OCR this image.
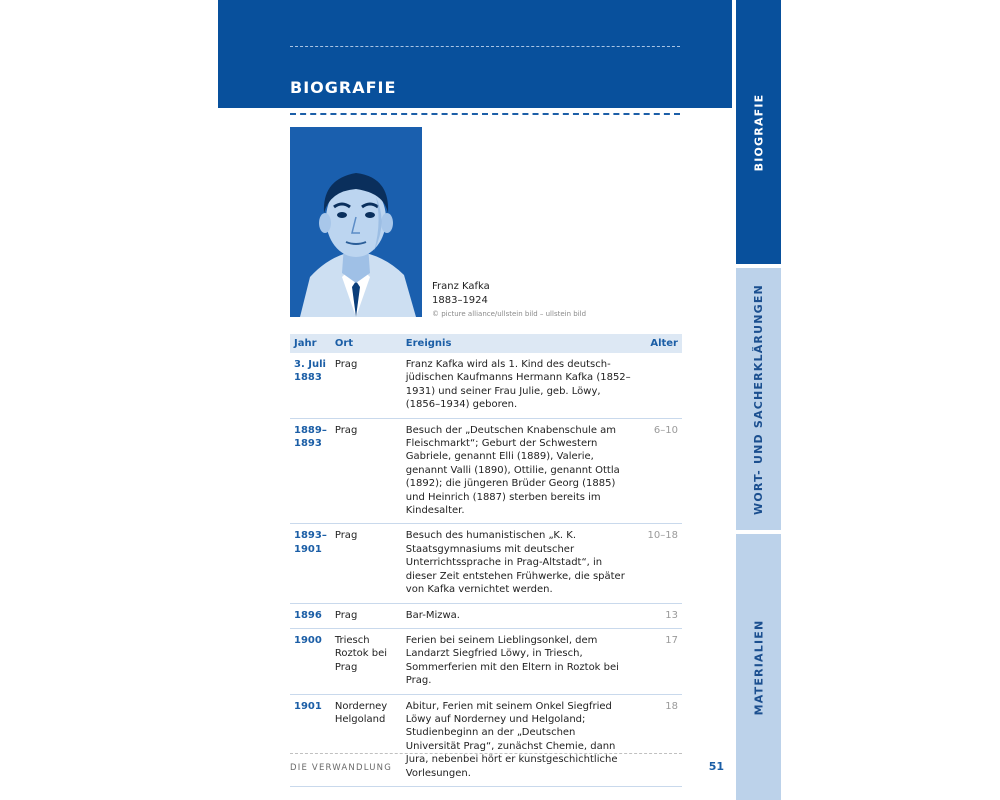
BIOGRAFIE
BIOGRAFIE
WORT- UND SACHERKLÄRUNGEN
MATERIALIEN
Franz Kafka
1883–1924
© picture alliance/ullstein bild – ullstein bild
Jahr	Ort	Ereignis	Alter
3. Juli 1883	Prag	Franz Kafka wird als 1. Kind des deutsch-jüdischen Kaufmanns Hermann Kafka (1852–1931) und seiner Frau Julie, geb. Löwy, (1856–1934) geboren.	
1889–1893	Prag	Besuch der „Deutschen Knabenschule am Fleischmarkt“; Geburt der Schwestern Gabriele, genannt Elli (1889), Valerie, genannt Valli (1890), Ottilie, genannt Ottla (1892); die jüngeren Brüder Georg (1885) und Heinrich (1887) sterben bereits im Kindesalter.	6–10
1893–1901	Prag	Besuch des humanistischen „K. K. Staatsgymnasiums mit deutscher Unterrichtssprache in Prag-Altstadt“, in dieser Zeit entstehen Frühwerke, die später von Kafka vernichtet werden.	10–18
1896	Prag	Bar-Mizwa.	13
1900	Triesch Roztok bei Prag	Ferien bei seinem Lieblingsonkel, dem Landarzt Siegfried Löwy, in Triesch, Sommerferien mit den Eltern in Roztok bei Prag.	17
1901	Norderney Helgoland	Abitur, Ferien mit seinem Onkel Siegfried Löwy auf Norderney und Helgoland; Studienbeginn an der „Deutschen Universität Prag“, zunächst Chemie, dann Jura, nebenbei hört er kunstgeschichtliche Vorlesungen.	18
DIE VERWANDLUNG	51
